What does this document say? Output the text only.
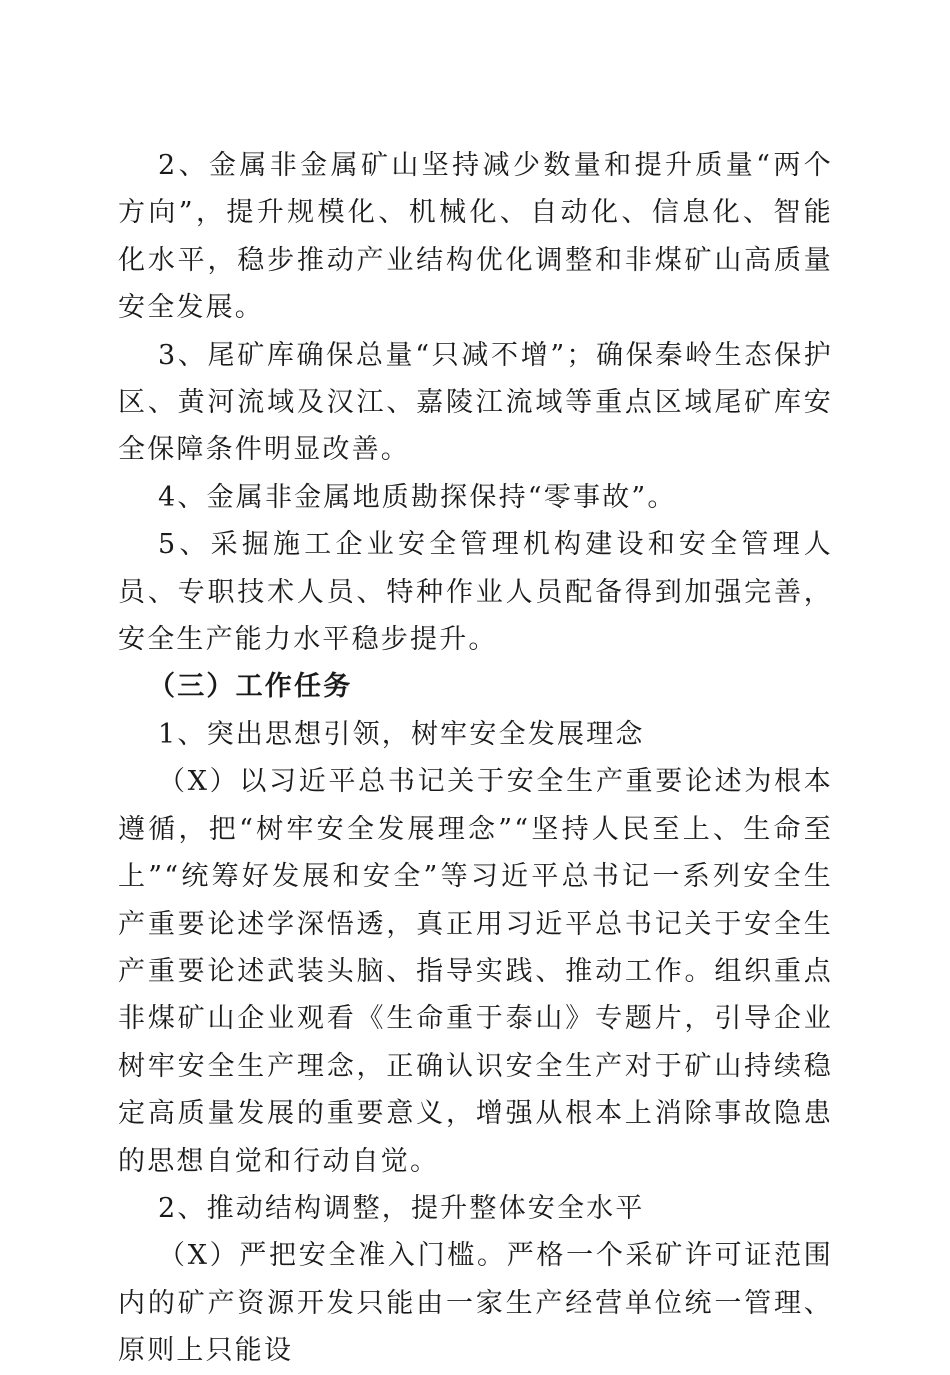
2、金属非金属矿山坚持减少数量和提升质量“两个方向”，提升规模化、机械化、自动化、信息化、智能化水平，稳步推动产业结构优化调整和非煤矿山高质量安全发展。

3、尾矿库确保总量“只减不增”；确保秦岭生态保护区、黄河流域及汉江、嘉陵江流域等重点区域尾矿库安全保障条件明显改善。

4、金属非金属地质勘探保持“零事故”。

5、采掘施工企业安全管理机构建设和安全管理人员、专职技术人员、特种作业人员配备得到加强完善，安全生产能力水平稳步提升。

（三）工作任务

1、突出思想引领，树牢安全发展理念

（X）以习近平总书记关于安全生产重要论述为根本遵循，把“树牢安全发展理念”“坚持人民至上、生命至上”“统筹好发展和安全”等习近平总书记一系列安全生产重要论述学深悟透，真正用习近平总书记关于安全生产重要论述武装头脑、指导实践、推动工作。组织重点非煤矿山企业观看《生命重于泰山》专题片，引导企业树牢安全生产理念，正确认识安全生产对于矿山持续稳定高质量发展的重要意义，增强从根本上消除事故隐患的思想自觉和行动自觉。

2、推动结构调整，提升整体安全水平

（X）严把安全准入门槛。严格一个采矿许可证范围内的矿产资源开发只能由一家生产经营单位统一管理、原则上只能设
